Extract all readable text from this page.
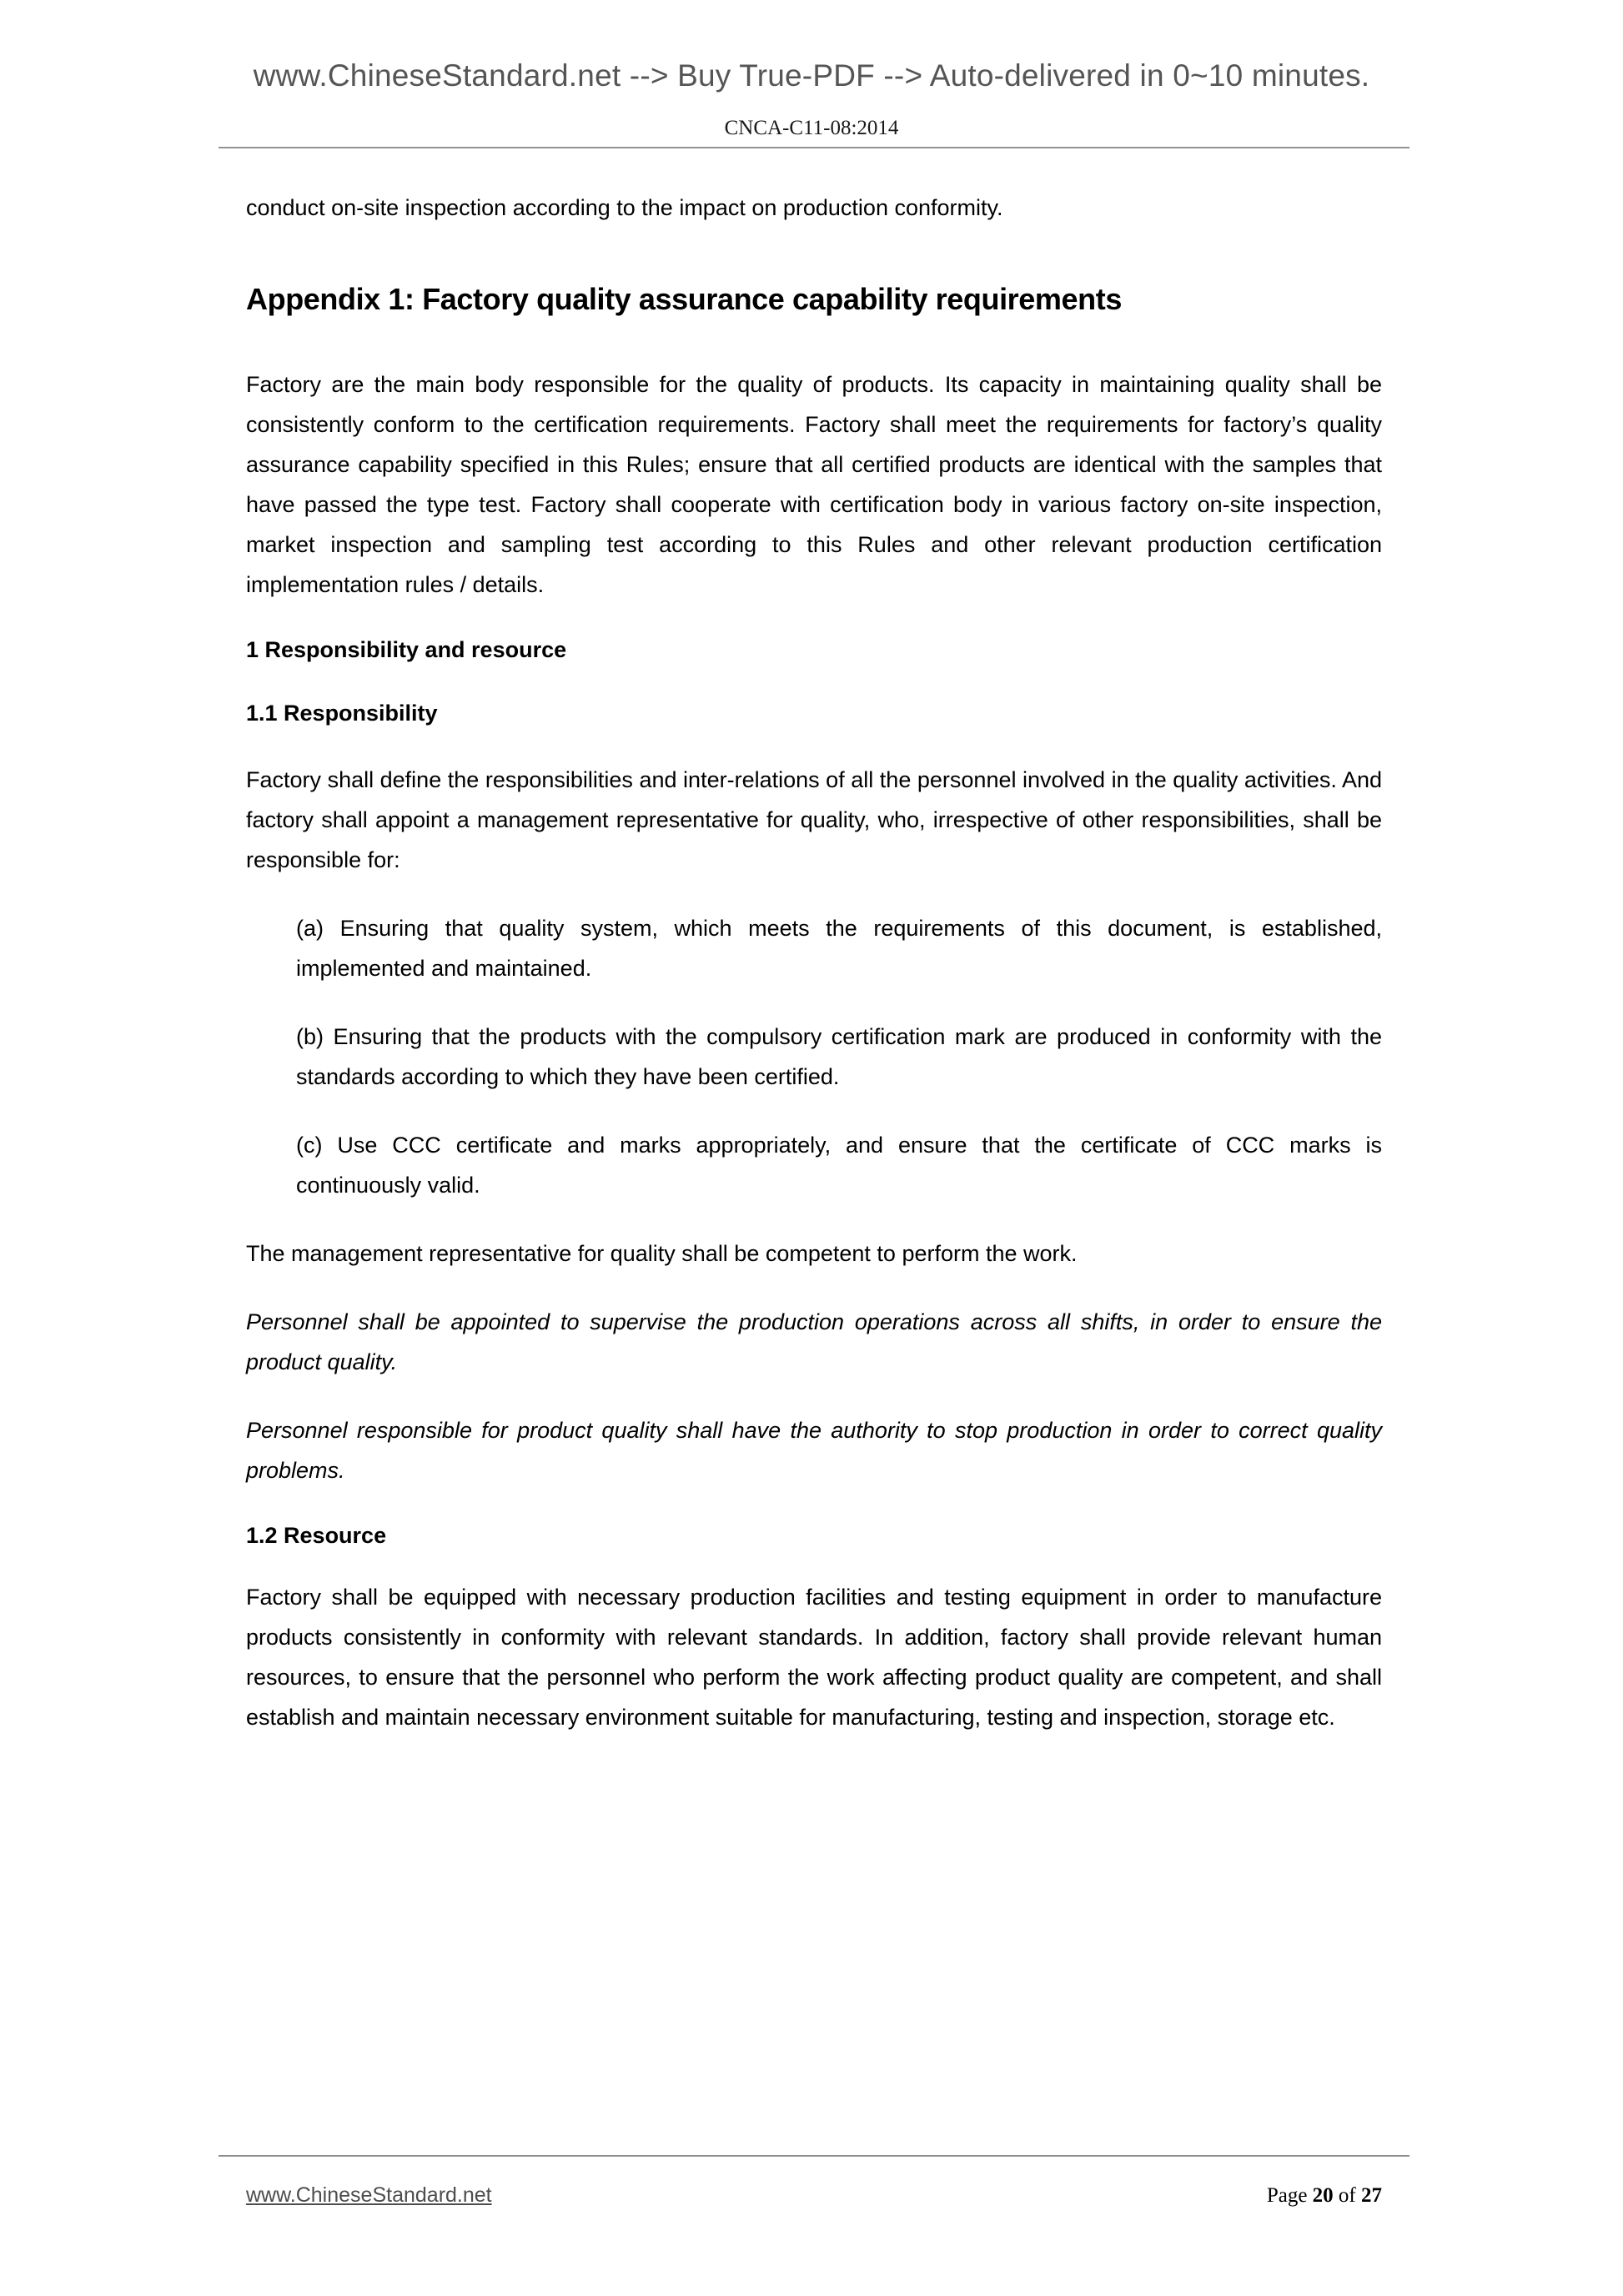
www.ChineseStandard.net --> Buy True-PDF --> Auto-delivered in 0~10 minutes.
CNCA-C11-08:2014

conduct on-site inspection according to the impact on production conformity.

Appendix 1: Factory quality assurance capability requirements

Factory are the main body responsible for the quality of products. Its capacity in maintaining quality shall be consistently conform to the certification requirements. Factory shall meet the requirements for factory’s quality assurance capability specified in this Rules; ensure that all certified products are identical with the samples that have passed the type test. Factory shall cooperate with certification body in various factory on-site inspection, market inspection and sampling test according to this Rules and other relevant production certification implementation rules / details.

1 Responsibility and resource
1.1 Responsibility

Factory shall define the responsibilities and inter-relations of all the personnel involved in the quality activities. And factory shall appoint a management representative for quality, who, irrespective of other responsibilities, shall be responsible for:

(a) Ensuring that quality system, which meets the requirements of this document, is established, implemented and maintained.

(b) Ensuring that the products with the compulsory certification mark are produced in conformity with the standards according to which they have been certified.

(c) Use CCC certificate and marks appropriately, and ensure that the certificate of CCC marks is continuously valid.

The management representative for quality shall be competent to perform the work.

Personnel shall be appointed to supervise the production operations across all shifts, in order to ensure the product quality.

Personnel responsible for product quality shall have the authority to stop production in order to correct quality problems.

1.2 Resource

Factory shall be equipped with necessary production facilities and testing equipment in order to manufacture products consistently in conformity with relevant standards. In addition, factory shall provide relevant human resources, to ensure that the personnel who perform the work affecting product quality are competent, and shall establish and maintain necessary environment suitable for manufacturing, testing and inspection, storage etc.

www.ChineseStandard.net	Page 20 of 27
